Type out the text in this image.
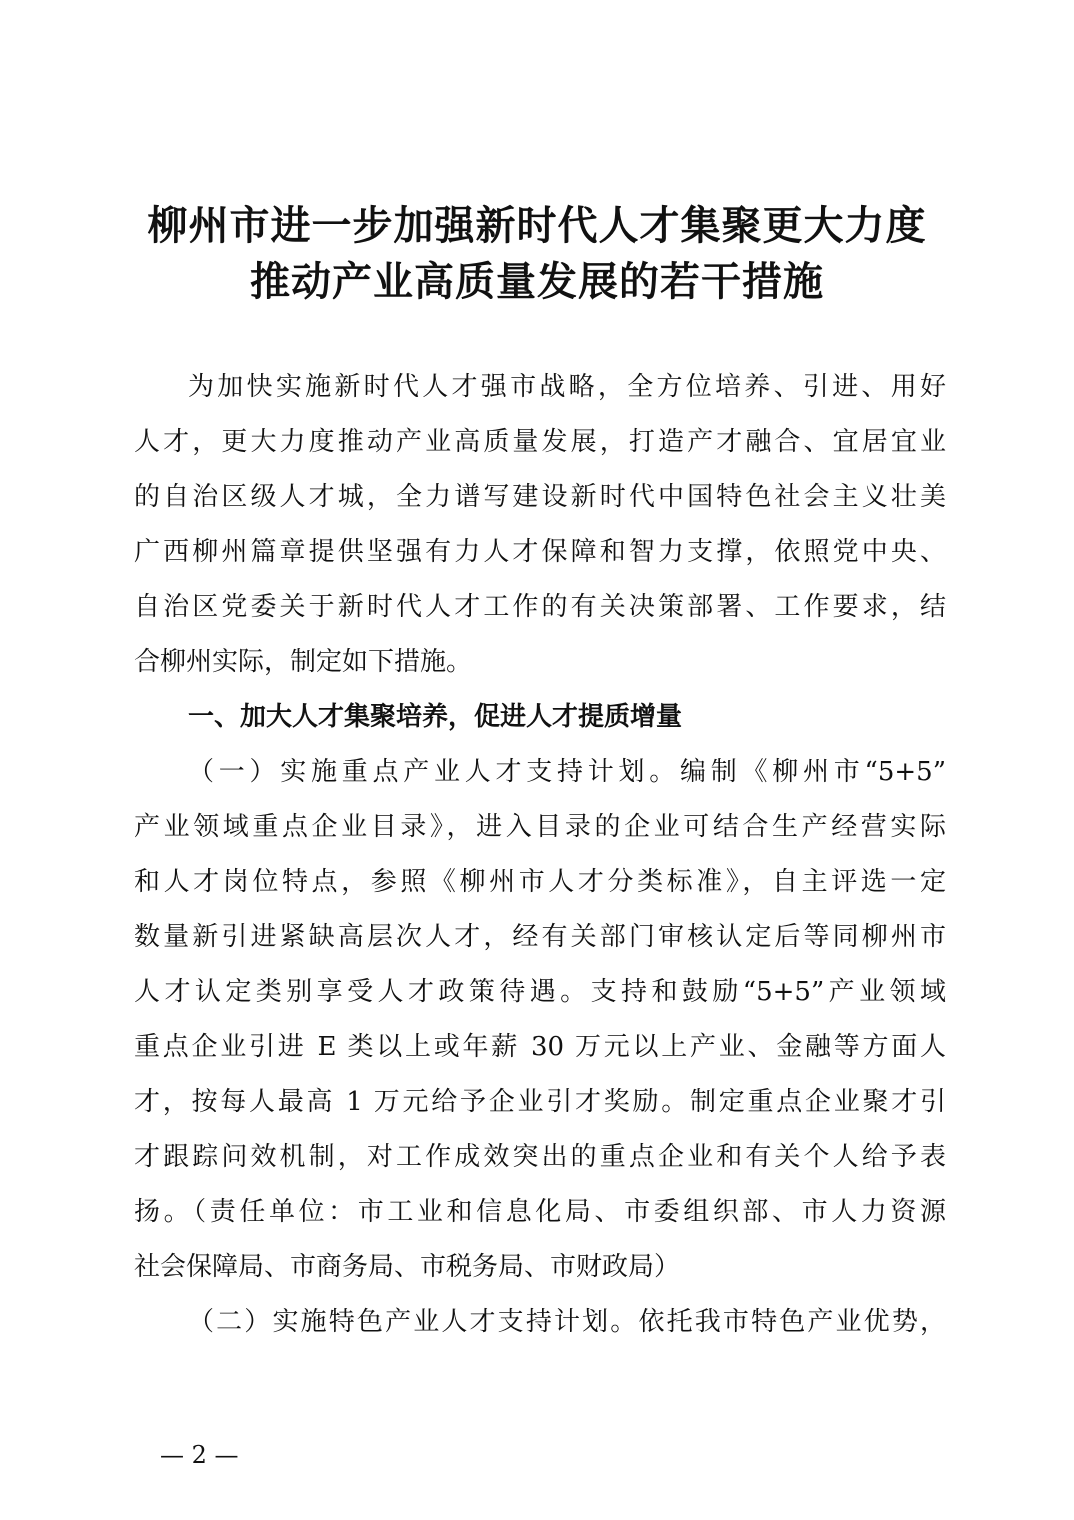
柳州市进一步加强新时代人才集聚更大力度
推动产业高质量发展的若干措施
为加快实施新时代人才强市战略，全方位培养、引进、用好
人才，更大力度推动产业高质量发展，打造产才融合、宜居宜业
的自治区级人才城，全力谱写建设新时代中国特色社会主义壮美
广西柳州篇章提供坚强有力人才保障和智力支撑，依照党中央、
自治区党委关于新时代人才工作的有关决策部署、工作要求，结
合柳州实际，制定如下措施。
一、加大人才集聚培养，促进人才提质增量
（一）实施重点产业人才支持计划。编制《柳州市“5+5”
产业领域重点企业目录》，进入目录的企业可结合生产经营实际
和人才岗位特点，参照《柳州市人才分类标准》，自主评选一定
数量新引进紧缺高层次人才，经有关部门审核认定后等同柳州市
人才认定类别享受人才政策待遇。支持和鼓励“5+5”产业领域
重点企业引进 E 类以上或年薪 30 万元以上产业、金融等方面人
才，按每人最高 1 万元给予企业引才奖励。制定重点企业聚才引
才跟踪问效机制，对工作成效突出的重点企业和有关个人给予表
扬。（责任单位：市工业和信息化局、市委组织部、市人力资源
社会保障局、市商务局、市税务局、市财政局）
（二）实施特色产业人才支持计划。依托我市特色产业优势，
— 2 —
